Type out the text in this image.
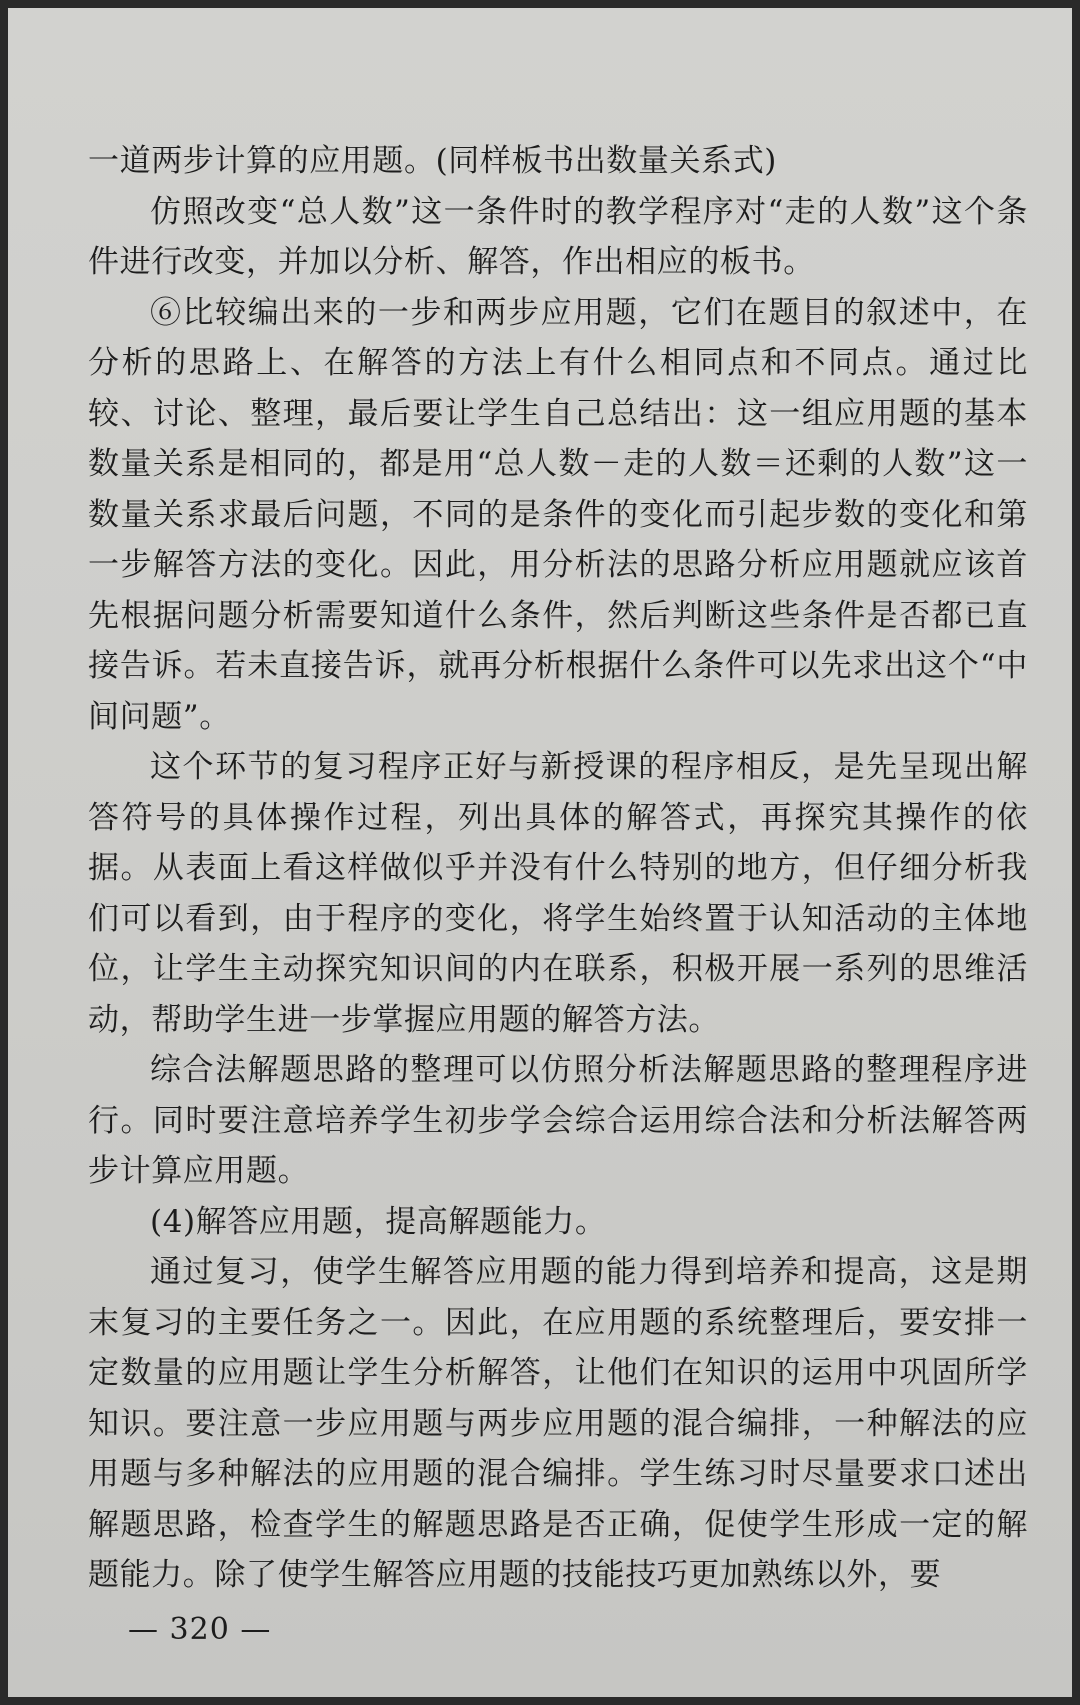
一道两步计算的应用题。(同样板书出数量关系式)

仿照改变“总人数”这一条件时的教学程序对“走的人数”这个条件进行改变，并加以分析、解答，作出相应的板书。

⑥比较编出来的一步和两步应用题，它们在题目的叙述中，在分析的思路上、在解答的方法上有什么相同点和不同点。通过比较、讨论、整理，最后要让学生自己总结出：这一组应用题的基本数量关系是相同的，都是用“总人数－走的人数＝还剩的人数”这一数量关系求最后问题，不同的是条件的变化而引起步数的变化和第一步解答方法的变化。因此，用分析法的思路分析应用题就应该首先根据问题分析需要知道什么条件，然后判断这些条件是否都已直接告诉。若未直接告诉，就再分析根据什么条件可以先求出这个“中间问题”。

这个环节的复习程序正好与新授课的程序相反，是先呈现出解答符号的具体操作过程，列出具体的解答式，再探究其操作的依据。从表面上看这样做似乎并没有什么特别的地方，但仔细分析我们可以看到，由于程序的变化，将学生始终置于认知活动的主体地位，让学生主动探究知识间的内在联系，积极开展一系列的思维活动，帮助学生进一步掌握应用题的解答方法。

综合法解题思路的整理可以仿照分析法解题思路的整理程序进行。同时要注意培养学生初步学会综合运用综合法和分析法解答两步计算应用题。

(4)解答应用题，提高解题能力。

通过复习，使学生解答应用题的能力得到培养和提高，这是期末复习的主要任务之一。因此，在应用题的系统整理后，要安排一定数量的应用题让学生分析解答，让他们在知识的运用中巩固所学知识。要注意一步应用题与两步应用题的混合编排，一种解法的应用题与多种解法的应用题的混合编排。学生练习时尽量要求口述出解题思路，检查学生的解题思路是否正确，促使学生形成一定的解题能力。除了使学生解答应用题的技能技巧更加熟练以外，要

— 320 —
